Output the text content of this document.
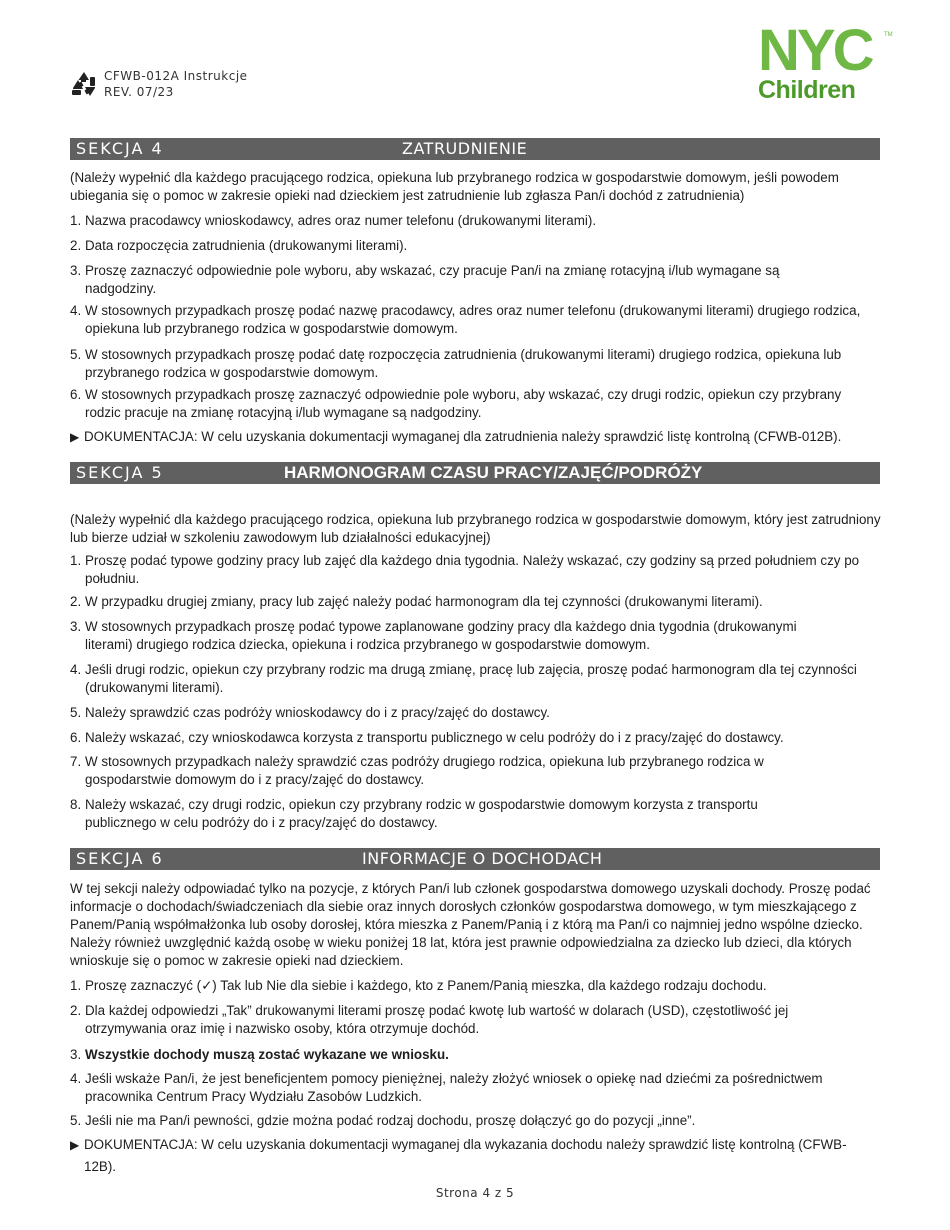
CFWB-012A Instrukcje
REV. 07/23
NYC TM
Children
SEKCJA 4	ZATRUDNIENIE
(Należy wypełnić dla każdego pracującego rodzica, opiekuna lub przybranego rodzica w gospodarstwie domowym, jeśli powodem ubiegania się o pomoc w zakresie opieki nad dzieckiem jest zatrudnienie lub zgłasza Pan/i dochód z zatrudnienia)
1. Nazwa pracodawcy wnioskodawcy, adres oraz numer telefonu (drukowanymi literami).
2. Data rozpoczęcia zatrudnienia (drukowanymi literami).
3. Proszę zaznaczyć odpowiednie pole wyboru, aby wskazać, czy pracuje Pan/i na zmianę rotacyjną i/lub wymagane są nadgodziny.
4. W stosownych przypadkach proszę podać nazwę pracodawcy, adres oraz numer telefonu (drukowanymi literami) drugiego rodzica, opiekuna lub przybranego rodzica w gospodarstwie domowym.
5. W stosownych przypadkach proszę podać datę rozpoczęcia zatrudnienia (drukowanymi literami) drugiego rodzica, opiekuna lub przybranego rodzica w gospodarstwie domowym.
6. W stosownych przypadkach proszę zaznaczyć odpowiednie pole wyboru, aby wskazać, czy drugi rodzic, opiekun czy przybrany rodzic pracuje na zmianę rotacyjną i/lub wymagane są nadgodziny.
▶ DOKUMENTACJA: W celu uzyskania dokumentacji wymaganej dla zatrudnienia należy sprawdzić listę kontrolną (CFWB-012B).
SEKCJA 5	HARMONOGRAM CZASU PRACY/ZAJĘĆ/PODRÓŻY
(Należy wypełnić dla każdego pracującego rodzica, opiekuna lub przybranego rodzica w gospodarstwie domowym, który jest zatrudniony lub bierze udział w szkoleniu zawodowym lub działalności edukacyjnej)
1. Proszę podać typowe godziny pracy lub zajęć dla każdego dnia tygodnia. Należy wskazać, czy godziny są przed południem czy po południu.
2. W przypadku drugiej zmiany, pracy lub zajęć należy podać harmonogram dla tej czynności (drukowanymi literami).
3. W stosownych przypadkach proszę podać typowe zaplanowane godziny pracy dla każdego dnia tygodnia (drukowanymi literami) drugiego rodzica dziecka, opiekuna i rodzica przybranego w gospodarstwie domowym.
4. Jeśli drugi rodzic, opiekun czy przybrany rodzic ma drugą zmianę, pracę lub zajęcia, proszę podać harmonogram dla tej czynności (drukowanymi literami).
5. Należy sprawdzić czas podróży wnioskodawcy do i z pracy/zajęć do dostawcy.
6. Należy wskazać, czy wnioskodawca korzysta z transportu publicznego w celu podróży do i z pracy/zajęć do dostawcy.
7. W stosownych przypadkach należy sprawdzić czas podróży drugiego rodzica, opiekuna lub przybranego rodzica w gospodarstwie domowym do i z pracy/zajęć do dostawcy.
8. Należy wskazać, czy drugi rodzic, opiekun czy przybrany rodzic w gospodarstwie domowym korzysta z transportu publicznego w celu podróży do i z pracy/zajęć do dostawcy.
SEKCJA 6	INFORMACJE O DOCHODACH
W tej sekcji należy odpowiadać tylko na pozycje, z których Pan/i lub członek gospodarstwa domowego uzyskali dochody. Proszę podać informacje o dochodach/świadczeniach dla siebie oraz innych dorosłych członków gospodarstwa domowego, w tym mieszkającego z Panem/Panią współmałżonka lub osoby dorosłej, która mieszka z Panem/Panią i z którą ma Pan/i co najmniej jedno wspólne dziecko. Należy również uwzględnić każdą osobę w wieku poniżej 18 lat, która jest prawnie odpowiedzialna za dziecko lub dzieci, dla których wnioskuje się o pomoc w zakresie opieki nad dzieckiem.
1. Proszę zaznaczyć (✓) Tak lub Nie dla siebie i każdego, kto z Panem/Panią mieszka, dla każdego rodzaju dochodu.
2. Dla każdej odpowiedzi „Tak” drukowanymi literami proszę podać kwotę lub wartość w dolarach (USD), częstotliwość jej otrzymywania oraz imię i nazwisko osoby, która otrzymuje dochód.
3. Wszystkie dochody muszą zostać wykazane we wniosku.
4. Jeśli wskaże Pan/i, że jest beneficjentem pomocy pieniężnej, należy złożyć wniosek o opiekę nad dziećmi za pośrednictwem pracownika Centrum Pracy Wydziału Zasobów Ludzkich.
5. Jeśli nie ma Pan/i pewności, gdzie można podać rodzaj dochodu, proszę dołączyć go do pozycji „inne”.
▶ DOKUMENTACJA: W celu uzyskania dokumentacji wymaganej dla wykazania dochodu należy sprawdzić listę kontrolną (CFWB-12B).
Strona 4 z 5
